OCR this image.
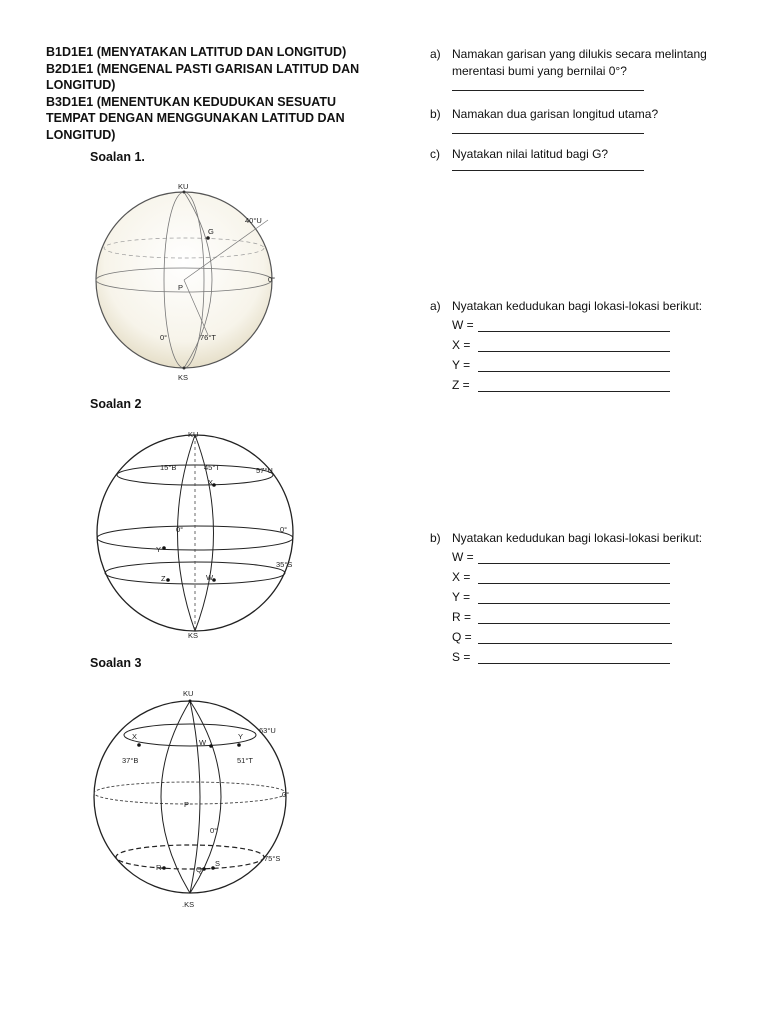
B1D1E1 (MENYATAKAN LATITUD DAN LONGITUD)
B2D1E1 (MENGENAL PASTI GARISAN LATITUD DAN LONGITUD)
B3D1E1 (MENENTUKAN KEDUDUKAN SESUATU TEMPAT DENGAN MENGGUNAKAN LATITUD DAN LONGITUD)
Soalan 1.
Soalan 2
Soalan 3
KU
KS
40°U
G
0°
P
0°	76°T
KU
KS
15°B	45°T	57°U
X
0°	0°
Y
35°S
Z	W
KU
.KS
63°U
X
W
Y
37°B	51°T
P
0°
0°
R	Q
S
75°S
a) Namakan garisan yang dilukis secara melintang merentasi bumi yang bernilai 0°?
b) Namakan dua garisan longitud utama?
c) Nyatakan nilai latitud bagi G?
a) Nyatakan kedudukan bagi lokasi-lokasi berikut:
W =
X =
Y =
Z =
b) Nyatakan kedudukan bagi lokasi-lokasi berikut:
W =
X =
Y =
R =
Q =
S =
